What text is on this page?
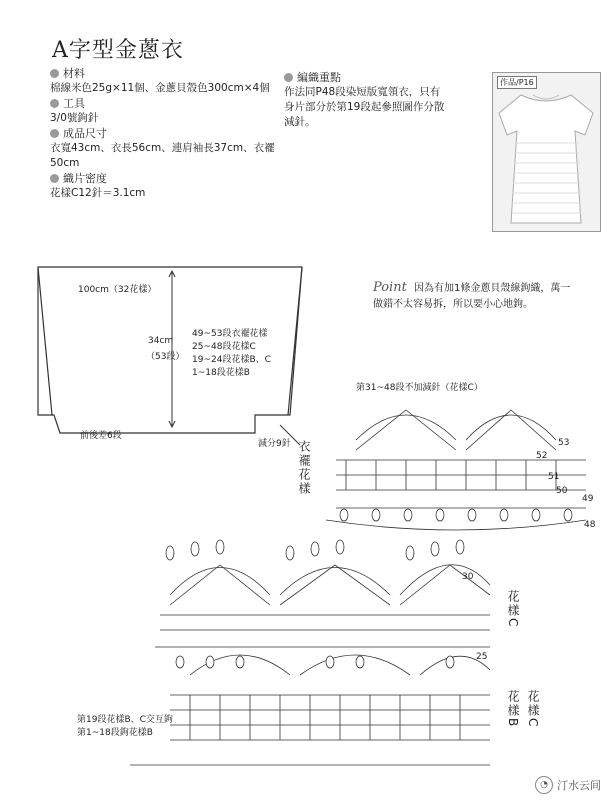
A字型金蔥衣
材料
棉線米色25g×11個、金蔥貝殼色300cm×4個
工具
3/0號鉤針
成品尺寸
衣寬43cm、衣長56cm、連肩袖長37cm、衣襬
50cm
織片密度
花樣C12針＝3.1cm
編織重點
作法同P48段染短版寬領衣，只有
身片部分於第19段起參照圖作分散
減針。
作品/P16
Point 因為有加1條金蔥貝殼線鉤織，萬一
做錯不太容易拆，所以要小心地鉤。
100cm（32花樣）
34cm
（53段）
49~53段衣襬花樣
25~48段花樣C
19~24段花樣B、C
1~18段花樣B
前後差6段
減分9針
第31~48段不加減針（花樣C）
衣襬花樣	53
52
51
50
49
48
30
25
花樣C
花樣B 花樣C
第19段花樣B、C交互鉤
第1~18段鉤花樣B
◔ 汀水云间
